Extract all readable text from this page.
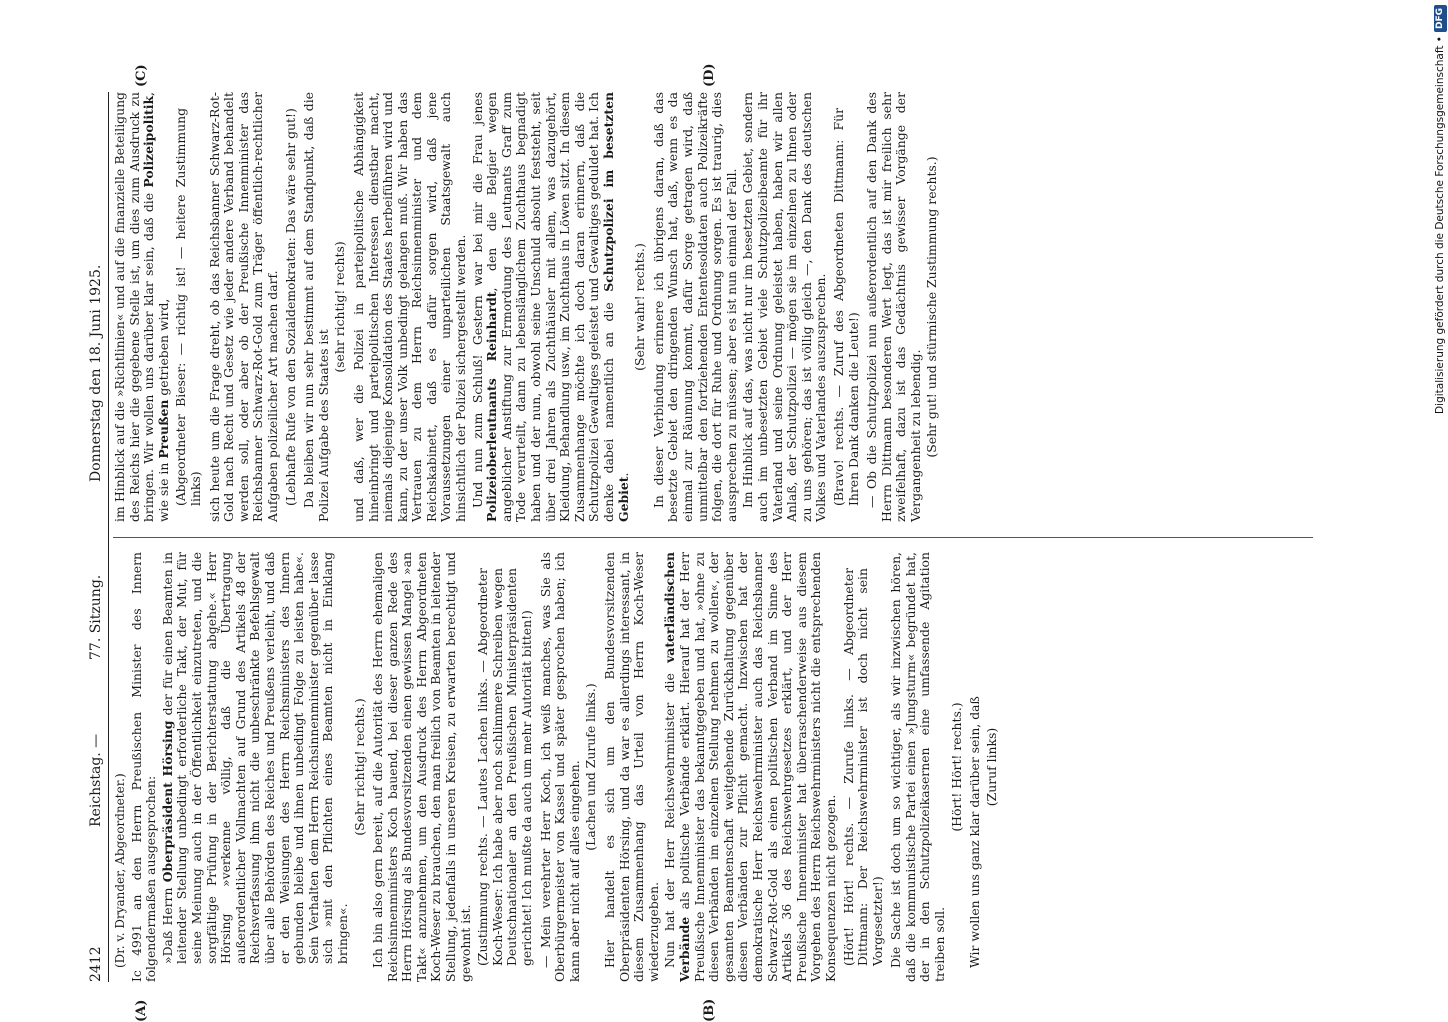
2412
Reichstag. —
77. Sitzung.
Donnerstag den 18. Juni 1925.
(A)	(B)
(C)	(D)

(Dr. v. Dryander, Abgeordneter.) Ic 4991 an den Herrn Preußischen Minister des Innern folgendermaßen ausgesprochen: »Daß Herrn Oberpräsident Hörsing der für einen Beamten in leitender Stellung unbedingt erforderliche Takt, der Mut, für seine Meinung auch in der Öffentlichkeit einzutreten, und die sorgfältige Prüfung in der Berichterstattung abgehe.« Herr Hörsing »verkenne völlig, daß die Übertragung außerordentlicher Vollmachten auf Grund des Artikels 48 der Reichsverfassung ihm nicht die unbeschränkte Befehlsgewalt über alle Behörden des Reiches und Preußens verleiht, und daß er den Weisungen des Herrn Reichsministers des Innern gebunden bleibe und ihnen unbedingt Folge zu leisten habe«. Sein Verhalten dem Herrn Reichsinnenminister gegenüber lasse sich »mit den Pflichten eines Beamten nicht in Einklang bringen«.

(Sehr richtig! rechts.) Ich bin also gern bereit, auf die Autorität des Herrn ehemaligen Reichsinnenministers Koch bauend, bei dieser ganzen Rede des Herrn Hörsing als Bundesvorsitzenden einen gewissen Mangel »an Takt« anzunehmen, um den Ausdruck des Herrn Abgeordneten Koch-Weser zu brauchen, den man freilich von Beamten in leitender Stellung, jedenfalls in unseren Kreisen, zu erwarten berechtigt und gewohnt ist. (Zustimmung rechts. — Lautes Lachen links. — Abgeordneter Koch-Weser: Ich habe aber noch schlimmere Schreiben wegen Deutschnationaler an den Preußischen Ministerpräsidenten gerichtet! Ich mußte da auch um mehr Autorität bitten!) — Mein verehrter Herr Koch, ich weiß manches, was Sie als Oberbürgermeister von Kassel und später gesprochen haben; ich kann aber nicht auf alles eingehen. (Lachen und Zurufe links.) Hier handelt es sich um den Bundesvorsitzenden Oberpräsidenten Hörsing, und da war es allerdings interessant, in diesem Zusammenhang das Urteil von Herrn Koch-Weser wiederzugeben. Nun hat der Herr Reichswehrminister die vaterländischen Verbände als politische Verbände erklärt. Hierauf hat der Herr Preußische Innenminister das bekanntgegeben und hat, »ohne zu diesen Verbänden im einzelnen Stellung nehmen zu wollen«, der gesamten Beamtenschaft weitgehende Zurückhaltung gegenüber diesen Verbänden zur Pflicht gemacht. Inzwischen hat der demokratische Herr Reichswehrminister auch das Reichsbanner Schwarz-Rot-Gold als einen politischen Verband im Sinne des Artikels 36 des Reichswehrgesetzes erklärt, und der Herr Preußische Innenminister hat überraschenderweise aus diesem Vorgehen des Herrn Reichswehrministers nicht die entsprechenden Konsequenzen nicht gezogen. (Hört! Hört! rechts. — Zurufe links. — Abgeordneter Dittmann: Der Reichswehrminister ist doch nicht sein Vorgesetzter!) Die Sache ist doch um so wichtiger, als wir inzwischen hören, daß die kommunistische Partei einen »Jungsturm« begründet hat, der in den Schutzpolizeikasernen eine umfassende Agitation treiben soll.

(Hört! Hört! rechts.) Wir wollen uns ganz klar darüber sein, daß (Zuruf links)

im Hinblick auf die »Richtlinien« und auf die finanzielle Beteiligung des Reichs hier die gegebene Stelle ist, um dies zum Ausdruck zu bringen. Wir wollen uns darüber klar sein, daß die Polizeipolitik, wie sie in Preußen getrieben wird, (Abgeordneter Bieser: — richtig ist! — heitere Zustimmung links) sich heute um die Frage dreht, ob das Reichsbanner Schwarz-Rot-Gold nach Recht und Gesetz wie jeder andere Verband behandelt werden soll, oder aber ob der Preußische Innenminister das Reichsbanner Schwarz-Rot-Gold zum Träger öffentlich-rechtlicher Aufgaben polizeilicher Art machen darf. (Lebhafte Rufe von den Sozialdemokraten: Das wäre sehr gut!) Da bleiben wir nun sehr bestimmt auf dem Standpunkt, daß die Polizei Aufgabe des Staates ist

(sehr richtig! rechts) und daß, wer die Polizei in parteipolitische Abhängigkeit hineinbringt und parteipolitischen Interessen dienstbar macht, niemals diejenige Konsolidation des Staates herbeiführen wird und kann, zu der unser Volk unbedingt gelangen muß. Wir haben das Vertrauen zu dem Herrn Reichsinnenminister und dem Reichskabinett, daß es dafür sorgen wird, daß jene Voraussetzungen einer unparteilichen Staatsgewalt auch hinsichtlich der Polizei sichergestellt werden. Und nun zum Schluß! Gestern war bei mir die Frau jenes Polizeioberleutnants Reinhardt, den die Belgier wegen angeblicher Anstiftung zur Ermordung des Leutnants Graff zum Tode verurteilt, dann zu lebenslänglichem Zuchthaus begnadigt haben und der nun, obwohl seine Unschuld absolut feststeht, seit über drei Jahren als Zuchthäusler mit allem, was dazugehört, Kleidung, Behandlung usw., im Zuchthaus in Löwen sitzt. In diesem Zusammenhange möchte ich doch daran erinnern, daß die Schutzpolizei Gewaltiges geleistet und Gewaltiges geduldet hat. Ich denke dabei namentlich an die Schutzpolizei im besetzten Gebiet.

(Sehr wahr! rechts.) In dieser Verbindung erinnere ich übrigens daran, daß das besetzte Gebiet den dringenden Wunsch hat, daß, wenn es da einmal zur Räumung kommt, dafür Sorge getragen wird, daß unmittelbar den fortziehenden Ententesoldaten auch Polizeikräfte folgen, die dort für Ruhe und Ordnung sorgen. Es ist traurig, dies aussprechen zu müssen; aber es ist nun einmal der Fall. Im Hinblick auf das, was nicht nur im besetzten Gebiet, sondern auch im unbesetzten Gebiet viele Schutzpolizeibeamte für ihr Vaterland und seine Ordnung geleistet haben, haben wir allen Anlaß, der Schutzpolizei — mögen sie im einzelnen zu Ihnen oder zu uns gehören; das ist völlig gleich —, den Dank des deutschen Volkes und Vaterlandes auszusprechen. (Bravo! rechts. — Zuruf des Abgeordneten Dittmann: Für Ihren Dank danken die Leute!) — Ob die Schutzpolizei nun außerordentlich auf den Dank des Herrn Dittmann besonderen Wert legt, das ist mir freilich sehr zweifelhaft, dazu ist das Gedächtnis gewisser Vorgänge der Vergangenheit zu lebendig. (Sehr gut! und stürmische Zustimmung rechts.)	Digitalisierung gefördert durch die Deutsche Forschungsgemeinschaft •DFG
